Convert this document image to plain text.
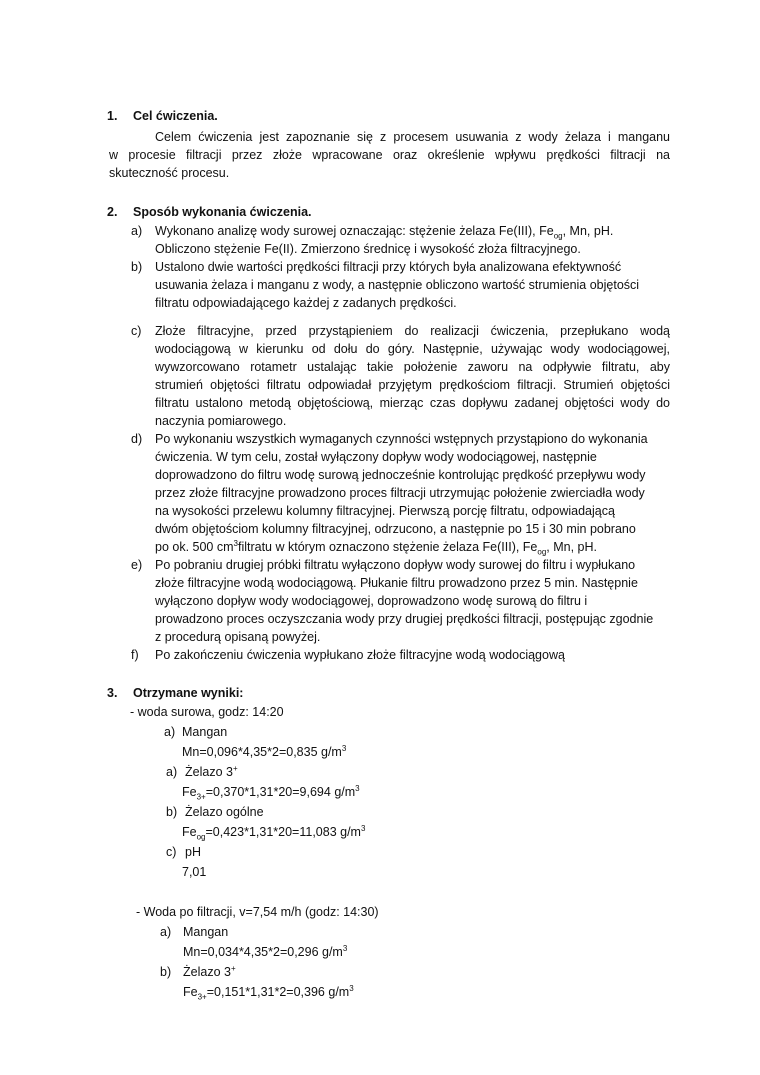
1. Cel ćwiczenia.
Celem ćwiczenia jest zapoznanie się z procesem usuwania z wody żelaza i manganu
w procesie filtracji przez złoże wpracowane oraz określenie wpływu prędkości filtracji na
skuteczność procesu.
2. Sposób wykonania ćwiczenia.
a) Wykonano analizę wody surowej oznaczając: stężenie żelaza Fe(III), $Fe_{og}$, Mn, pH.
Obliczono stężenie Fe(II). Zmierzono średnicę i wysokość złoża filtracyjnego.
b) Ustalono dwie wartości prędkości filtracji przy których była analizowana efektywność
usuwania żelaza i manganu z wody, a następnie obliczono wartość strumienia objętości
filtratu odpowiadającego każdej z zadanych prędkości.
c) Złoże filtracyjne, przed przystąpieniem do realizacji ćwiczenia, przepłukano wodą
wodociągową w kierunku od dołu do góry. Następnie, używając wody wodociągowej,
wywzorcowano rotametr ustalając takie położenie zaworu na odpływie filtratu, aby
strumień objętości filtratu odpowiadał przyjętym prędkościom filtracji. Strumień objętości
filtratu ustalono metodą objętościową, mierząc czas dopływu zadanej objętości wody do
naczynia pomiarowego.
d) Po wykonaniu wszystkich wymaganych czynności wstępnych przystąpiono do wykonania
ćwiczenia. W tym celu, został wyłączony dopływ wody wodociągowej, następnie
doprowadzono do filtru wodę surową jednocześnie kontrolując prędkość przepływu wody
przez złoże filtracyjne prowadzono proces filtracji utrzymując położenie zwierciadła wody
na wysokości przelewu kolumny filtracyjnej. Pierwszą porcję filtratu, odpowiadającą
dwóm objętościom kolumny filtracyjnej, odrzucono, a następnie po 15 i 30 min pobrano
po ok. 500 $cm^3filtratu$ w którym oznaczono stężenie żelaza Fe(III), $Fe_{og}$, Mn, pH.
e) Po pobraniu drugiej próbki filtratu wyłączono dopływ wody surowej do filtru i wypłukano
złoże filtracyjne wodą wodociągową. Płukanie filtru prowadzono przez 5 min. Następnie
wyłączono dopływ wody wodociągowej, doprowadzono wodę surową do filtru i
prowadzono proces oczyszczania wody przy drugiej prędkości filtracji, postępując zgodnie
z procedurą opisaną powyżej.
f) Po zakończeniu ćwiczenia wypłukano złoże filtracyjne wodą wodociągową
3. Otrzymane wyniki:
- woda surowa, godz: 14:20
a) Mangan
Mn=0,096*4,35*2=0,835 $g/m^3$
a) Żelazo 3+
$Fe_{3+}=0,370*1,31*20=9,694$ $g/m^3$
b) Żelazo ogólne
$Fe_{og}=0,423*1,31*20=11,083$ $g/m^3$
c) pH
7,01
- Woda po filtracji, v=7,54 m/h (godz: 14:30)
a) Mangan
Mn=0,034*4,35*2=0,296 $g/m^3$
b) Żelazo 3+
$Fe_{3+}=0,151*1,31*2=0,396$ $g/m^3$
